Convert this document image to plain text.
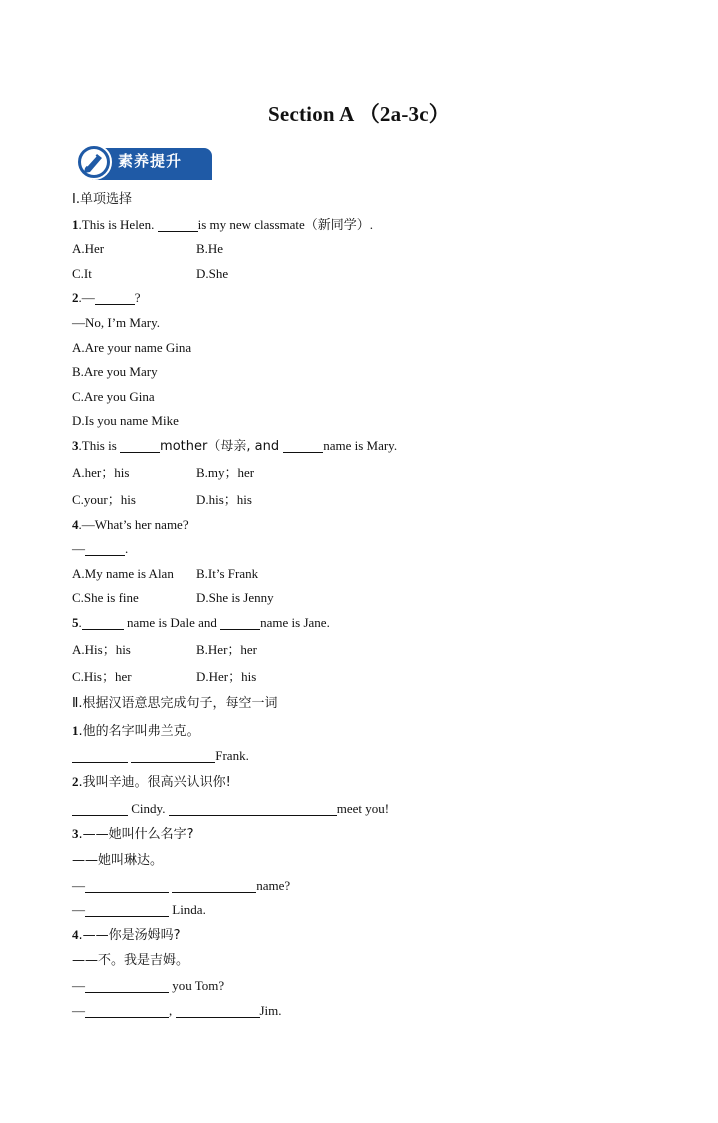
Section A （2a-3c）
素养提升
Ⅰ.单项选择
1.This is Helen.	is my new classmate（新同学）.
A.Her	B.He
C.It	D.She
2.—	?
—No, I’m Mary.
A.Are your name Gina
B.Are you Mary
C.Are you Gina
D.Is you name Mike
3.This is	mother（母亲, and	name is Mary.
A.her；his	B.my；her
C.your；his	D.his；his
4.—What’s her name?
—	.
A.My name is Alan	B.It’s Frank
C.She is fine	D.She is Jenny
5.	name is Dale and	name is Jane.
A.His；his	B.Her；her
C.His；her	D.Her；his
Ⅱ.根据汉语意思完成句子，每空一词
1.他的名字叫弗兰克。
Frank.
2.我叫辛迪。很高兴认识你!
Cindy.	meet you!
3.——她叫什么名字?
——她叫琳达。
—	name?
—	Linda.
4.——你是汤姆吗?
——不。我是吉姆。
—	you Tom?
—	,	Jim.
